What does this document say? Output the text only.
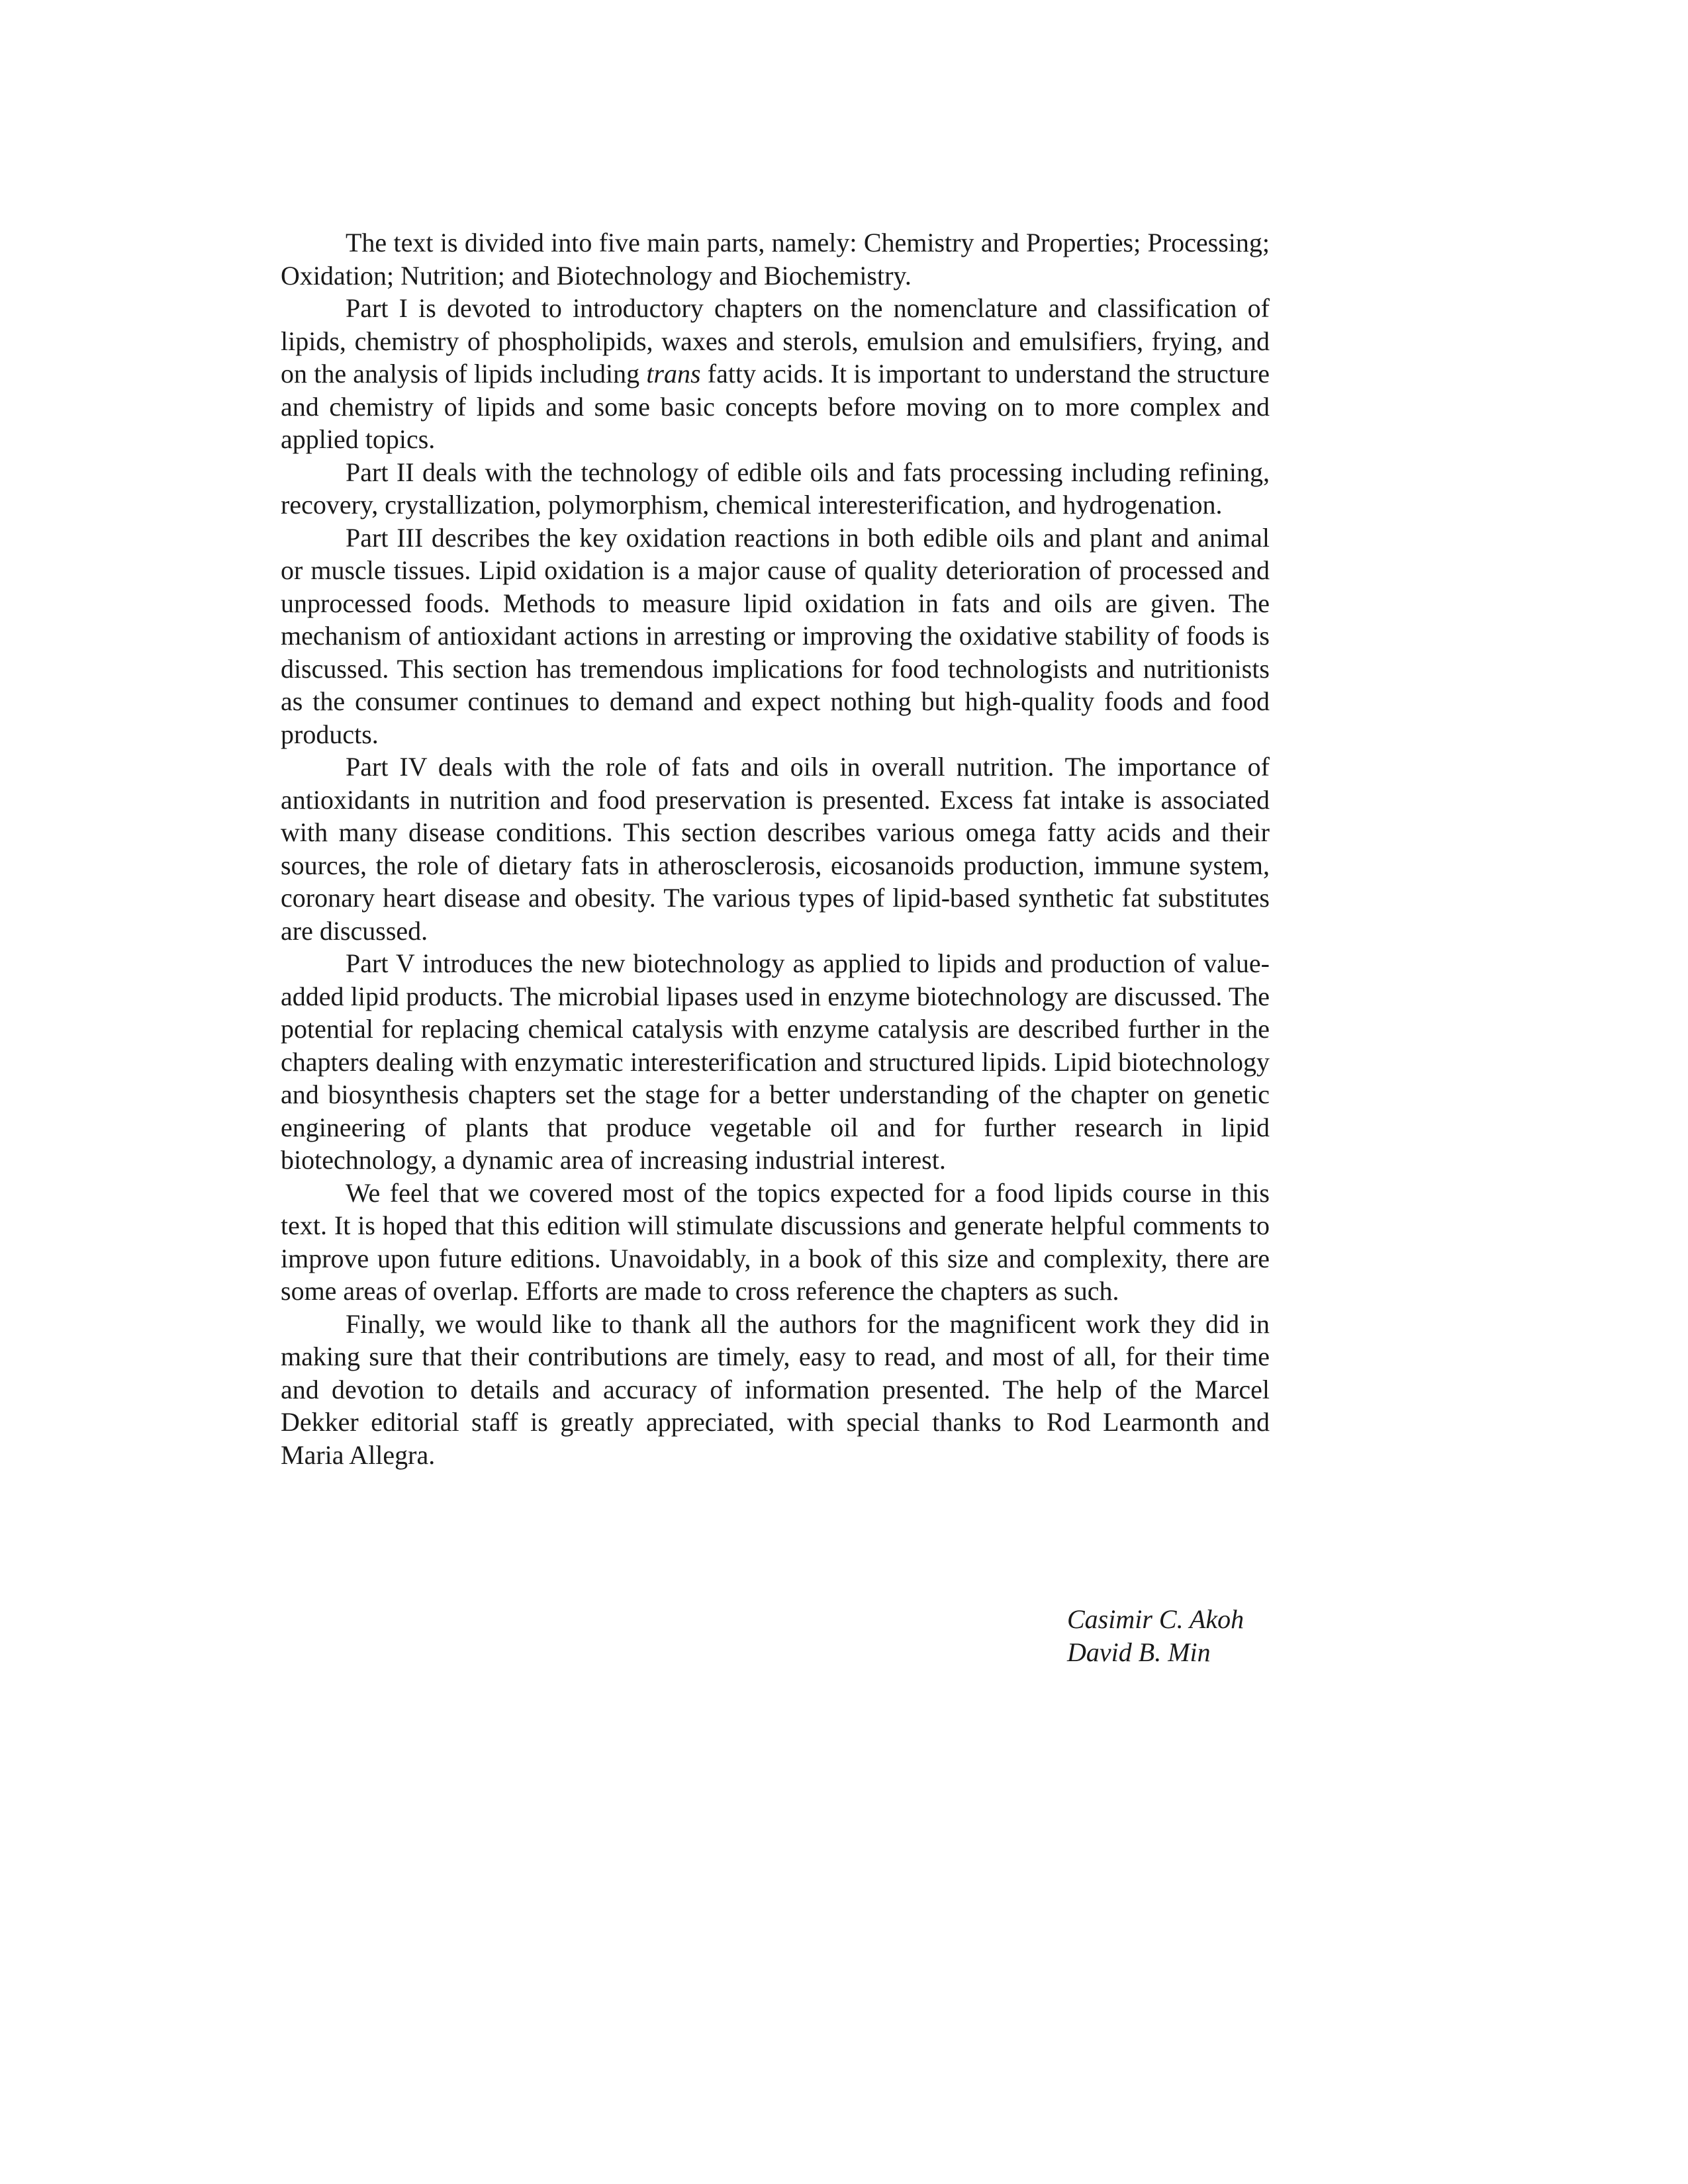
The text is divided into five main parts, namely: Chemistry and Properties; Processing; Oxidation; Nutrition; and Biotechnology and Biochemistry.

Part I is devoted to introductory chapters on the nomenclature and classification of lipids, chemistry of phospholipids, waxes and sterols, emulsion and emulsifiers, frying, and on the analysis of lipids including trans fatty acids. It is important to understand the structure and chemistry of lipids and some basic concepts before moving on to more complex and applied topics.

Part II deals with the technology of edible oils and fats processing including refining, recovery, crystallization, polymorphism, chemical interesterification, and hydrogenation.

Part III describes the key oxidation reactions in both edible oils and plant and animal or muscle tissues. Lipid oxidation is a major cause of quality deterioration of processed and unprocessed foods. Methods to measure lipid oxidation in fats and oils are given. The mechanism of antioxidant actions in arresting or improving the oxidative stability of foods is discussed. This section has tremendous implications for food technologists and nutritionists as the consumer continues to demand and expect nothing but high-quality foods and food products.

Part IV deals with the role of fats and oils in overall nutrition. The importance of antioxidants in nutrition and food preservation is presented. Excess fat intake is associated with many disease conditions. This section describes various omega fatty acids and their sources, the role of dietary fats in atherosclerosis, eicosanoids production, immune system, coronary heart disease and obesity. The various types of lipid-based synthetic fat substitutes are discussed.

Part V introduces the new biotechnology as applied to lipids and production of value-added lipid products. The microbial lipases used in enzyme biotechnology are discussed. The potential for replacing chemical catalysis with enzyme catalysis are described further in the chapters dealing with enzymatic interesterification and structured lipids. Lipid biotechnology and biosynthesis chapters set the stage for a better understanding of the chapter on genetic engineering of plants that produce vegetable oil and for further research in lipid biotechnology, a dynamic area of increasing industrial interest.

We feel that we covered most of the topics expected for a food lipids course in this text. It is hoped that this edition will stimulate discussions and generate helpful comments to improve upon future editions. Unavoidably, in a book of this size and complexity, there are some areas of overlap. Efforts are made to cross reference the chapters as such.

Finally, we would like to thank all the authors for the magnificent work they did in making sure that their contributions are timely, easy to read, and most of all, for their time and devotion to details and accuracy of information presented. The help of the Marcel Dekker editorial staff is greatly appreciated, with special thanks to Rod Learmonth and Maria Allegra.

Casimir C. Akoh
David B. Min
